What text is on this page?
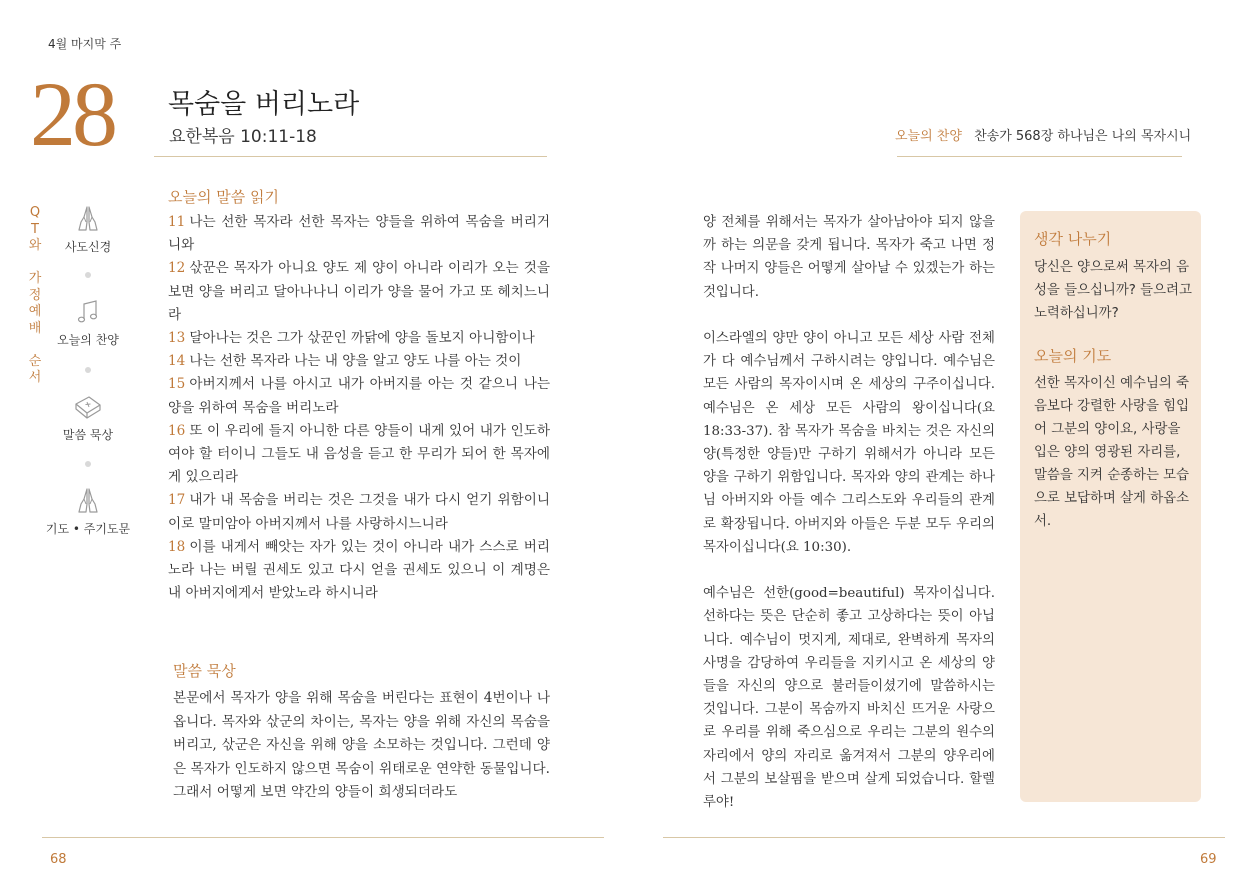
4월 마지막 주
28 목숨을 버리노라
요한복음 10:11-18	오늘의 찬양 찬송가 568장 하나님은 나의 목자시니
Q
T
와

가
정
예
배

순
서
사도신경
오늘의 찬양
말씀 묵상
기도 • 주기도문
오늘의 말씀 읽기
11 나는 선한 목자라 선한 목자는 양들을 위하여 목숨을 버리거니와
12 삯꾼은 목자가 아니요 양도 제 양이 아니라 이리가 오는 것을 보면 양을 버리고 달아나나니 이리가 양을 물어 가고 또 헤치느니라
13 달아나는 것은 그가 삯꾼인 까닭에 양을 돌보지 아니함이나
14 나는 선한 목자라 나는 내 양을 알고 양도 나를 아는 것이
15 아버지께서 나를 아시고 내가 아버지를 아는 것 같으니 나는 양을 위하여 목숨을 버리노라
16 또 이 우리에 들지 아니한 다른 양들이 내게 있어 내가 인도하여야 할 터이니 그들도 내 음성을 듣고 한 무리가 되어 한 목자에게 있으리라
17 내가 내 목숨을 버리는 것은 그것을 내가 다시 얻기 위함이니 이로 말미암아 아버지께서 나를 사랑하시느니라
18 이를 내게서 빼앗는 자가 있는 것이 아니라 내가 스스로 버리노라 나는 버릴 권세도 있고 다시 얻을 권세도 있으니 이 계명은 내 아버지에게서 받았노라 하시니라
말씀 묵상
본문에서 목자가 양을 위해 목숨을 버린다는 표현이 4번이나 나옵니다. 목자와 삯군의 차이는, 목자는 양을 위해 자신의 목숨을 버리고, 삯군은 자신을 위해 양을 소모하는 것입니다. 그런데 양은 목자가 인도하지 않으면 목숨이 위태로운 연약한 동물입니다. 그래서 어떻게 보면 약간의 양들이 희생되더라도

양 전체를 위해서는 목자가 살아남아야 되지 않을까 하는 의문을 갖게 됩니다. 목자가 죽고 나면 정작 나머지 양들은 어떻게 살아날 수 있겠는가 하는 것입니다.

이스라엘의 양만 양이 아니고 모든 세상 사람 전체가 다 예수님께서 구하시려는 양입니다. 예수님은 모든 사람의 목자이시며 온 세상의 구주이십니다. 예수님은 온 세상 모든 사람의 왕이십니다(요 18:33-37). 참 목자가 목숨을 바치는 것은 자신의 양(특정한 양들)만 구하기 위해서가 아니라 모든 양을 구하기 위함입니다. 목자와 양의 관계는 하나님 아버지와 아들 예수 그리스도와 우리들의 관계로 확장됩니다. 아버지와 아들은 두분 모두 우리의 목자이십니다(요 10:30).

예수님은 선한(good=beautiful) 목자이십니다. 선하다는 뜻은 단순히 좋고 고상하다는 뜻이 아닙니다. 예수님이 멋지게, 제대로, 완벽하게 목자의 사명을 감당하여 우리들을 지키시고 온 세상의 양들을 자신의 양으로 불러들이셨기에 말씀하시는 것입니다. 그분이 목숨까지 바치신 뜨거운 사랑으로 우리를 위해 죽으심으로 우리는 그분의 원수의 자리에서 양의 자리로 옮겨져서 그분의 양우리에서 그분의 보살핌을 받으며 살게 되었습니다. 할렐루야!

생각 나누기
당신은 양으로써 목자의 음성을 들으십니까? 들으려고 노력하십니까?
오늘의 기도
선한 목자이신 예수님의 죽음보다 강렬한 사랑을 힘입어 그분의 양이요, 사랑을 입은 양의 영광된 자리를, 말씀을 지켜 순종하는 모습으로 보답하며 살게 하옵소서.
68	69
